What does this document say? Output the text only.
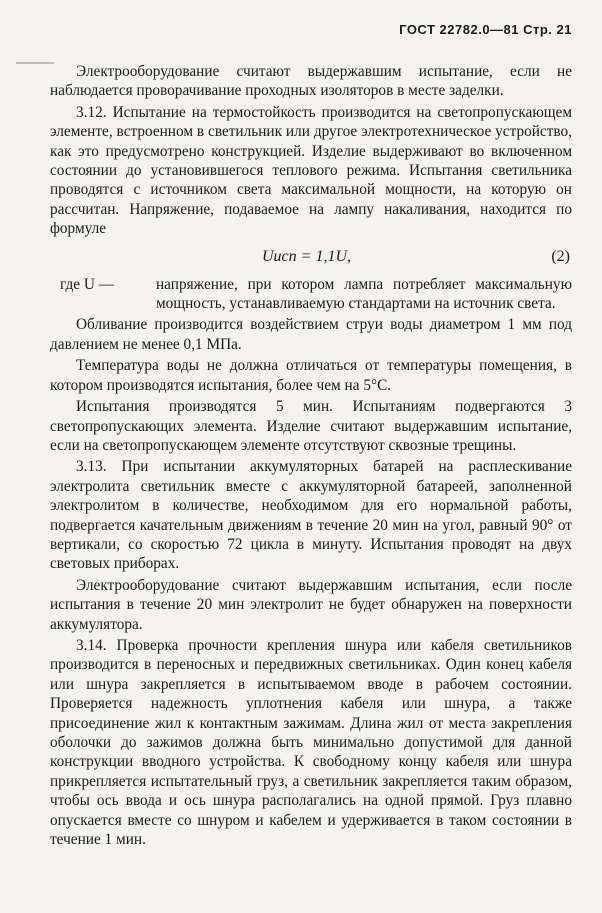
ГОСТ 22782.0—81 Стр. 21

Электрооборудование считают выдержавшим испытание, если не наблюдается проворачивание проходных изоляторов в месте заделки.

3.12. Испытание на термостойкость производится на светопропускающем элементе, встроенном в светильник или другое электротехническое устройство, как это предусмотрено конструкцией. Изделие выдерживают во включенном состоянии до установившегося теплового режима. Испытания светильника проводятся с источником света максимальной мощности, на которую он рассчитан. Напряжение, подаваемое на лампу накаливания, находится по формуле

Uисп = 1,1U,	(2)
где U —	напряжение, при котором лампа потребляет максимальную мощность, устанавливаемую стандартами на источник света.

Обливание производится воздействием струи воды диаметром 1 мм под давлением не менее 0,1 МПа.

Температура воды не должна отличаться от температуры помещения, в котором производятся испытания, более чем на 5°С.

Испытания производятся 5 мин. Испытаниям подвергаются 3 светопропускающих элемента. Изделие считают выдержавшим испытание, если на светопропускающем элементе отсутствуют сквозные трещины.

3.13. При испытании аккумуляторных батарей на расплескивание электролита светильник вместе с аккумуляторной батареей, заполненной электролитом в количестве, необходимом для его нормальной работы, подвергается качательным движениям в течение 20 мин на угол, равный 90° от вертикали, со скоростью 72 цикла в минуту. Испытания проводят на двух световых приборах.

Электрооборудование считают выдержавшим испытания, если после испытания в течение 20 мин электролит не будет обнаружен на поверхности аккумулятора.

3.14. Проверка прочности крепления шнура или кабеля светильников производится в переносных и передвижных светильниках. Один конец кабеля или шнура закрепляется в испытываемом вводе в рабочем состоянии. Проверяется надежность уплотнения кабеля или шнура, а также присоединение жил к контактным зажимам. Длина жил от места закрепления оболочки до зажимов должна быть минимально допустимой для данной конструкции вводного устройства. К свободному концу кабеля или шнура прикрепляется испытательный груз, а светильник закрепляется таким образом, чтобы ось ввода и ось шнура располагались на одной прямой. Груз плавно опускается вместе со шнуром и кабелем и удерживается в таком состоянии в течение 1 мин.
